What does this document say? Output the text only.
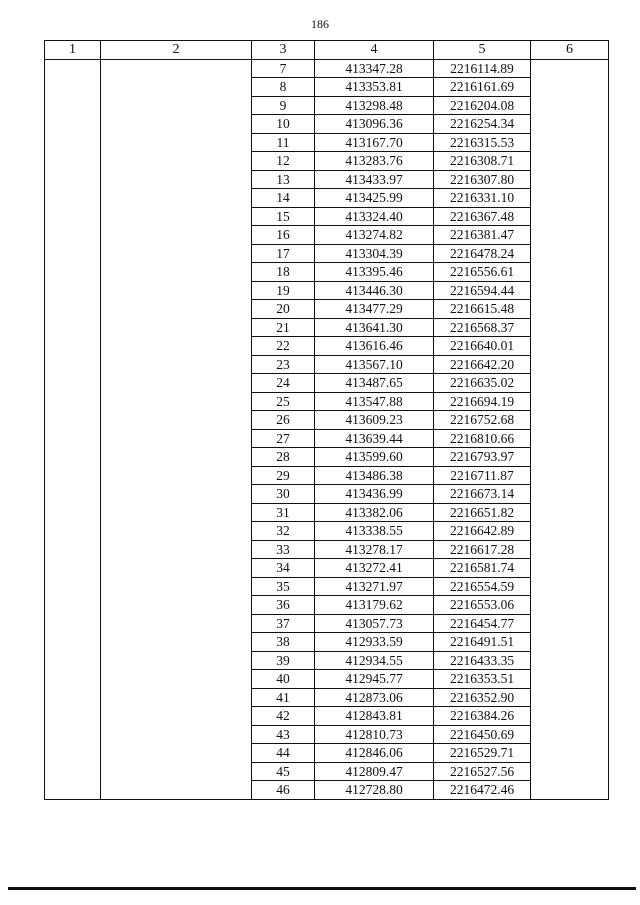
186
1	2	3	4	5	6
		7	413347.28	2216114.89	
		8	413353.81	2216161.69	
		9	413298.48	2216204.08	
		10	413096.36	2216254.34	
		11	413167.70	2216315.53	
		12	413283.76	2216308.71	
		13	413433.97	2216307.80	
		14	413425.99	2216331.10	
		15	413324.40	2216367.48	
		16	413274.82	2216381.47	
		17	413304.39	2216478.24	
		18	413395.46	2216556.61	
		19	413446.30	2216594.44	
		20	413477.29	2216615.48	
		21	413641.30	2216568.37	
		22	413616.46	2216640.01	
		23	413567.10	2216642.20	
		24	413487.65	2216635.02	
		25	413547.88	2216694.19	
		26	413609.23	2216752.68	
		27	413639.44	2216810.66	
		28	413599.60	2216793.97	
		29	413486.38	2216711.87	
		30	413436.99	2216673.14	
		31	413382.06	2216651.82	
		32	413338.55	2216642.89	
		33	413278.17	2216617.28	
		34	413272.41	2216581.74	
		35	413271.97	2216554.59	
		36	413179.62	2216553.06	
		37	413057.73	2216454.77	
		38	412933.59	2216491.51	
		39	412934.55	2216433.35	
		40	412945.77	2216353.51	
		41	412873.06	2216352.90	
		42	412843.81	2216384.26	
		43	412810.73	2216450.69	
		44	412846.06	2216529.71	
		45	412809.47	2216527.56	
		46	412728.80	2216472.46	
